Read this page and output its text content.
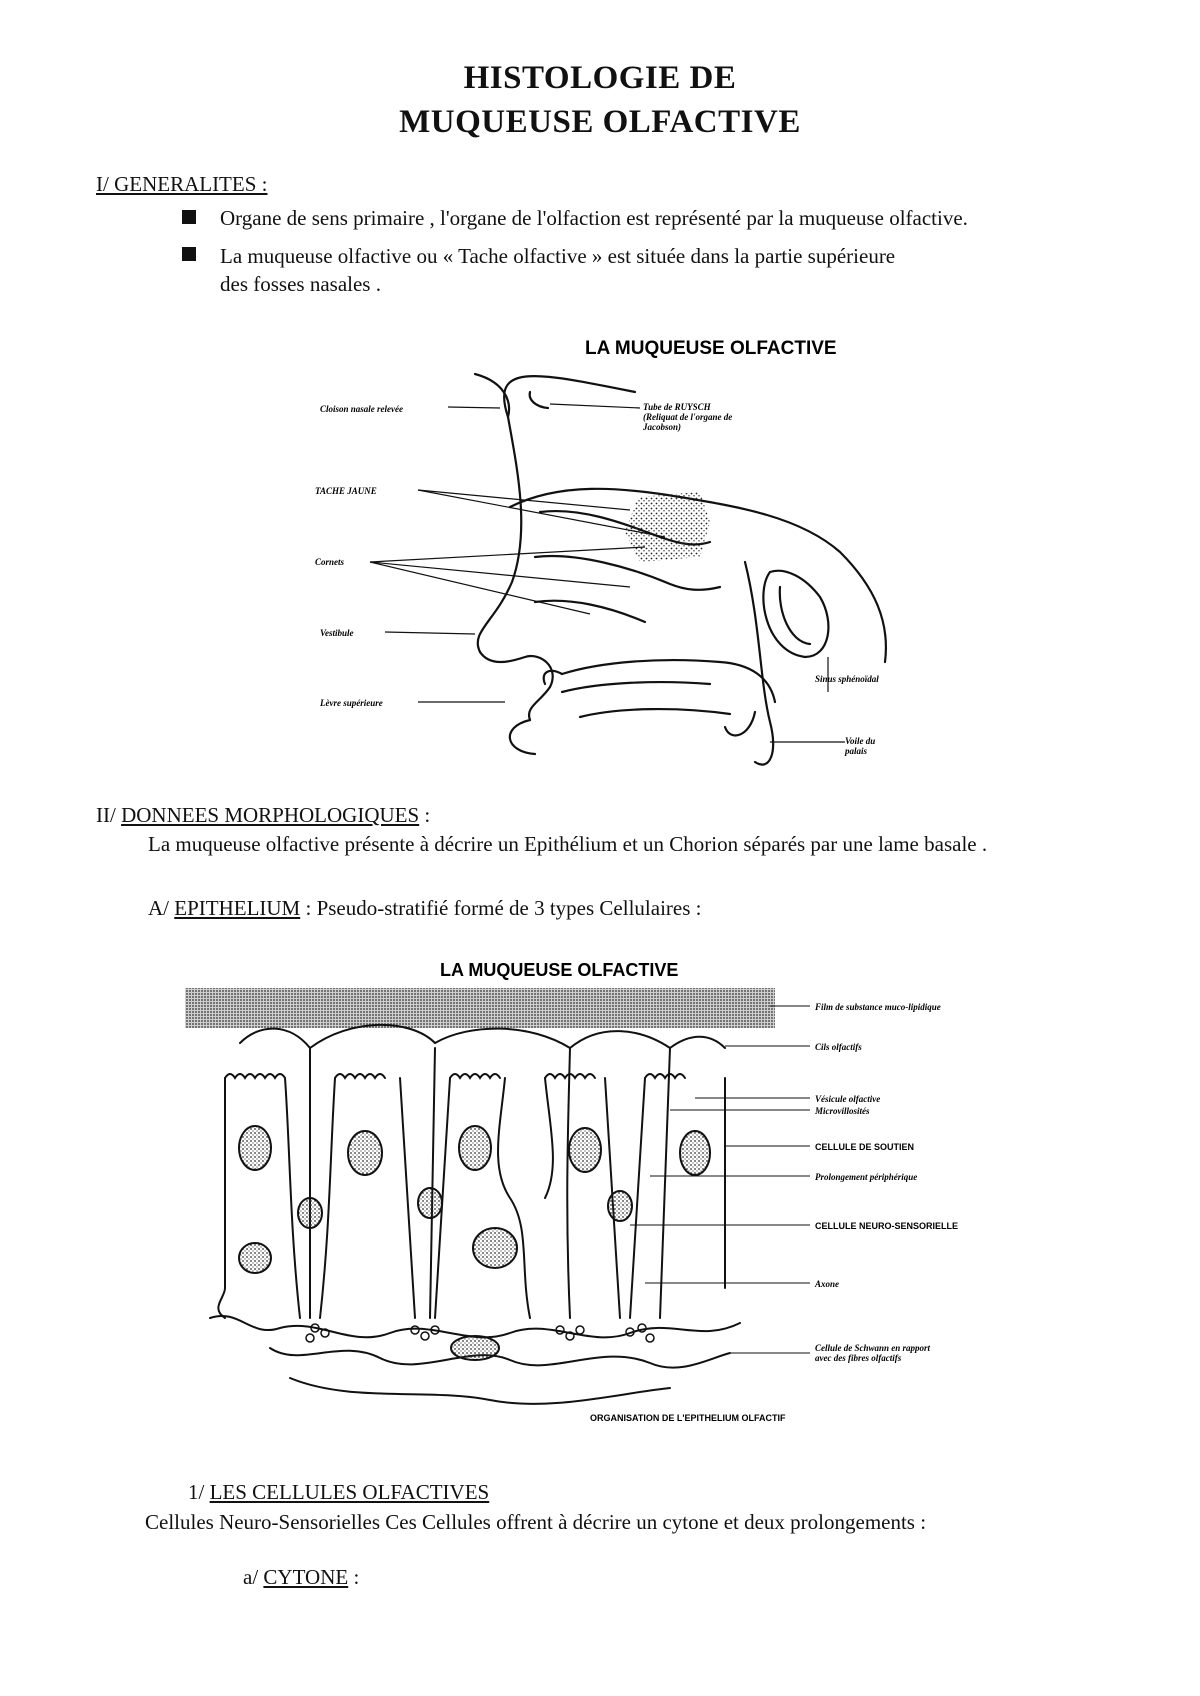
HISTOLOGIE DE
MUQUEUSE OLFACTIVE
I/ GENERALITES :
Organe de sens primaire , l'organe de l'olfaction est représenté par la muqueuse olfactive.
La muqueuse olfactive ou « Tache olfactive » est située dans la partie supérieure
des fosses nasales .
LA MUQUEUSE OLFACTIVE
Cloison nasale relevée	Tube de RUYSCH
(Reliquat de l'organe de
Jacobson)
TACHE JAUNE
Cornets
Vestibule
Lèvre supérieure
Sinus sphénoïdal
Voile du
palais
II/ DONNEES MORPHOLOGIQUES :
La muqueuse olfactive présente à décrire un Epithélium et un Chorion séparés par une lame basale .
A/ EPITHELIUM : Pseudo-stratifié formé de 3 types Cellulaires :
LA MUQUEUSE OLFACTIVE
Film de substance muco-lipidique
Cils olfactifs
Vésicule olfactive
Microvillosités
CELLULE DE SOUTIEN
Prolongement périphérique
CELLULE NEURO-SENSORIELLE
Axone
Cellule de Schwann en rapport
avec des fibres olfactifs
ORGANISATION DE L'EPITHELIUM OLFACTIF
1/ LES CELLULES OLFACTIVES
Cellules Neuro-Sensorielles Ces Cellules offrent à décrire un cytone et deux prolongements :
a/ CYTONE :
